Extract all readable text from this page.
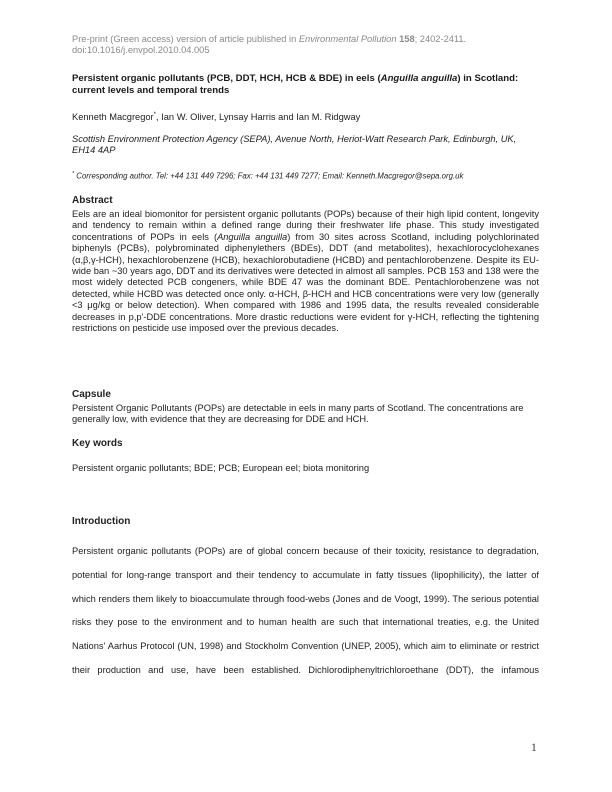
Pre-print (Green access) version of article published in Environmental Pollution 158; 2402-2411.
doi:10.1016/j.envpol.2010.04.005
Persistent organic pollutants (PCB, DDT, HCH, HCB & BDE) in eels (Anguilla anguilla) in Scotland: current levels and temporal trends
Kenneth Macgregor*, Ian W. Oliver, Lynsay Harris and Ian M. Ridgway
Scottish Environment Protection Agency (SEPA), Avenue North, Heriot-Watt Research Park, Edinburgh, UK, EH14 4AP
* Corresponding author. Tel: +44 131 449 7296; Fax: +44 131 449 7277; Email: Kenneth.Macgregor@sepa.org.uk
Abstract
Eels are an ideal biomonitor for persistent organic pollutants (POPs) because of their high lipid content, longevity and tendency to remain within a defined range during their freshwater life phase. This study investigated concentrations of POPs in eels (Anguilla anguilla) from 30 sites across Scotland, including polychlorinated biphenyls (PCBs), polybrominated diphenylethers (BDEs), DDT (and metabolites), hexachlorocyclohexanes (α,β,γ-HCH), hexachlorobenzene (HCB), hexachlorobutadiene (HCBD) and pentachlorobenzene. Despite its EU-wide ban ~30 years ago, DDT and its derivatives were detected in almost all samples. PCB 153 and 138 were the most widely detected PCB congeners, while BDE 47 was the dominant BDE. Pentachlorobenzene was not detected, while HCBD was detected once only. α-HCH, β-HCH and HCB concentrations were very low (generally <3 μg/kg or below detection). When compared with 1986 and 1995 data, the results revealed considerable decreases in p,p'-DDE concentrations. More drastic reductions were evident for γ-HCH, reflecting the tightening restrictions on pesticide use imposed over the previous decades.
Capsule
Persistent Organic Pollutants (POPs) are detectable in eels in many parts of Scotland. The concentrations are generally low, with evidence that they are decreasing for DDE and HCH.
Key words
Persistent organic pollutants; BDE; PCB; European eel; biota monitoring
Introduction
Persistent organic pollutants (POPs) are of global concern because of their toxicity, resistance to degradation, potential for long-range transport and their tendency to accumulate in fatty tissues (lipophilicity), the latter of which renders them likely to bioaccumulate through food-webs (Jones and de Voogt, 1999). The serious potential risks they pose to the environment and to human health are such that international treaties, e.g. the United Nations' Aarhus Protocol (UN, 1998) and Stockholm Convention (UNEP, 2005), which aim to eliminate or restrict their production and use, have been established. Dichlorodiphenyltrichloroethane (DDT), the infamous
1
